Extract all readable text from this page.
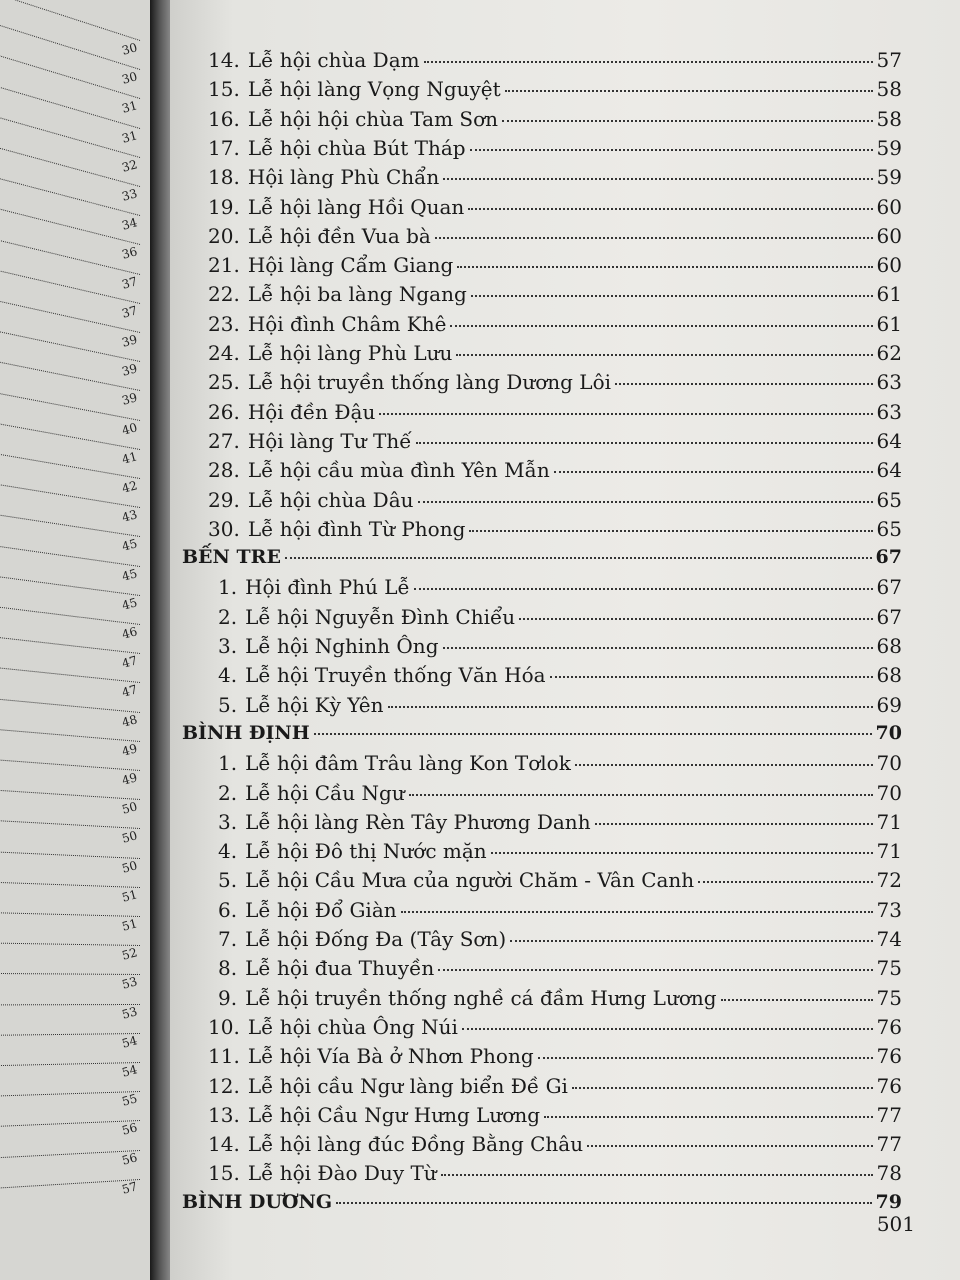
30
30
31
31
32
33
34
36
37
37
39
39
39
40
41
42
43
45
45
45
46
47
47
48
49
49
50
50
50
51
51
52
53
53
54
54
55
56
56
57
14. Lễ hội chùa Dạm	57
15. Lễ hội làng Vọng Nguyệt	58
16. Lễ hội hội chùa Tam Sơn	58
17. Lễ hội chùa Bút Tháp	59
18. Hội làng Phù Chẩn	59
19. Lễ hội làng Hồi Quan	60
20. Lễ hội đền Vua bà	60
21. Hội làng Cẩm Giang	60
22. Lễ hội ba làng Ngang	61
23. Hội đình Châm Khê	61
24. Lễ hội làng Phù Lưu	62
25. Lễ hội truyền thống làng Dương Lôi	63
26. Hội đền Đậu	63
27. Hội làng Tư Thế	64
28. Lễ hội cầu mùa đình Yên Mẫn	64
29. Lễ hội chùa Dâu	65
30. Lễ hội đình Từ Phong	65
BẾN TRE	67
1. Hội đình Phú Lễ	67
2. Lễ hội Nguyễn Đình Chiểu	67
3. Lễ hội Nghinh Ông	68
4. Lễ hội Truyền thống Văn Hóa	68
5. Lễ hội Kỳ Yên	69
BÌNH ĐỊNH	70
1. Lễ hội đâm Trâu làng Kon Tơlok	70
2. Lễ hội Cầu Ngư	70
3. Lễ hội làng Rèn Tây Phương Danh	71
4. Lễ hội Đô thị Nước mặn	71
5. Lễ hội Cầu Mưa của người Chăm - Vân Canh	72
6. Lễ hội Đổ Giàn	73
7. Lễ hội Đống Đa (Tây Sơn)	74
8. Lễ hội đua Thuyền	75
9. Lễ hội truyền thống nghề cá đầm Hưng Lương	75
10. Lễ hội chùa Ông Núi	76
11. Lễ hội Vía Bà ở Nhơn Phong	76
12. Lễ hội cầu Ngư làng biển Đề Gi	76
13. Lễ hội Cầu Ngư Hưng Lương	77
14. Lễ hội làng đúc Đồng Bằng Châu	77
15. Lễ hội Đào Duy Từ	78
BÌNH DƯƠNG	79
501
